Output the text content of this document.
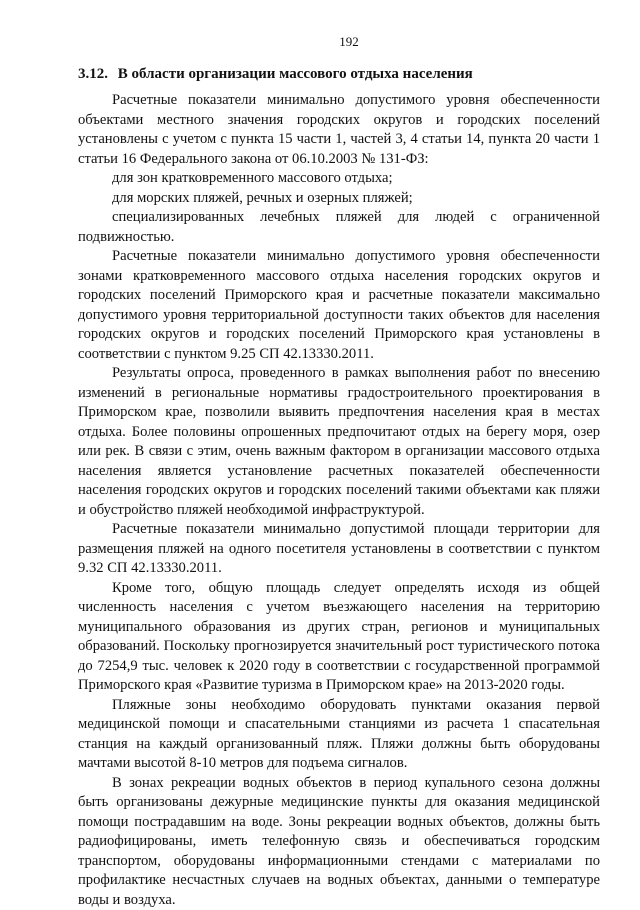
192
3.12. В области организации массового отдыха населения

Расчетные показатели минимально допустимого уровня обеспеченности объектами местного значения городских округов и городских поселений установлены с учетом с пункта 15 части 1, частей 3, 4 статьи 14, пункта 20 части 1 статьи 16 Федерального закона от 06.10.2003 № 131-ФЗ:

для зон кратковременного массового отдыха;

для морских пляжей, речных и озерных пляжей;

специализированных лечебных пляжей для людей с ограниченной подвижностью.

Расчетные показатели минимально допустимого уровня обеспеченности зонами кратковременного массового отдыха населения городских округов и городских поселений Приморского края и расчетные показатели максимально допустимого уровня территориальной доступности таких объектов для населения городских округов и городских поселений Приморского края установлены в соответствии с пунктом 9.25 СП 42.13330.2011.

Результаты опроса, проведенного в рамках выполнения работ по внесению изменений в региональные нормативы градостроительного проектирования в Приморском крае, позволили выявить предпочтения населения края в местах отдыха. Более половины опрошенных предпочитают отдых на берегу моря, озер или рек. В связи с этим, очень важным фактором в организации массового отдыха населения является установление расчетных показателей обеспеченности населения городских округов и городских поселений такими объектами как пляжи и обустройство пляжей необходимой инфраструктурой.

Расчетные показатели минимально допустимой площади территории для размещения пляжей на одного посетителя установлены в соответствии с пунктом 9.32 СП 42.13330.2011.

Кроме того, общую площадь следует определять исходя из общей численность населения с учетом въезжающего населения на территорию муниципального образования из других стран, регионов и муниципальных образований. Поскольку прогнозируется значительный рост туристического потока до 7254,9 тыс. человек к 2020 году в соответствии с государственной программой Приморского края «Развитие туризма в Приморском крае» на 2013-2020 годы.

Пляжные зоны необходимо оборудовать пунктами оказания первой медицинской помощи и спасательными станциями из расчета 1 спасательная станция на каждый организованный пляж. Пляжи должны быть оборудованы мачтами высотой 8-10 метров для подъема сигналов.

В зонах рекреации водных объектов в период купального сезона должны быть организованы дежурные медицинские пункты для оказания медицинской помощи пострадавшим на воде. Зоны рекреации водных объектов, должны быть радиофицированы, иметь телефонную связь и обеспечиваться городским транспортом, оборудованы информационными стендами с материалами по профилактике несчастных случаев на водных объектах, данными о температуре воды и воздуха.
